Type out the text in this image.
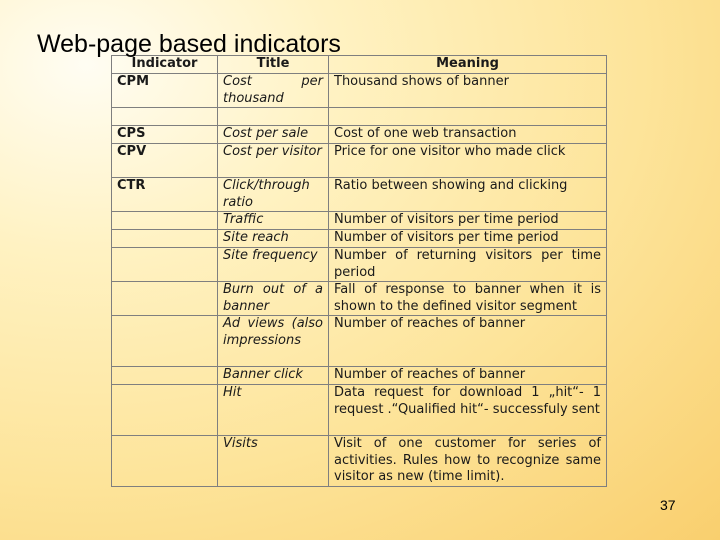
Web-page based indicators
Indicator	Title	Meaning

CPM	Cost per thousand	Thousand shows of banner

CPS	Cost per sale	Cost of one web transaction

CPV	Cost per visitor	Price for one visitor who made click

CTR	Click/through ratio	Ratio between showing and clicking

	Traffic	Number of visitors per time period

	Site reach	Number of visitors per time period

	Site frequency	Number of returning visitors per time period

	Burn out of a banner	Fall of response to banner when it is shown to the defined visitor segment

	Ad views (also impressions	Number of reaches of banner

	Banner click	Number of reaches of banner

	Hit	Data request for download 1 „hit“- 1 request .“Qualified hit“- successfuly sent

	Visits	Visit of one customer for series of activities. Rules how to recognize same visitor as new (time limit).
37
